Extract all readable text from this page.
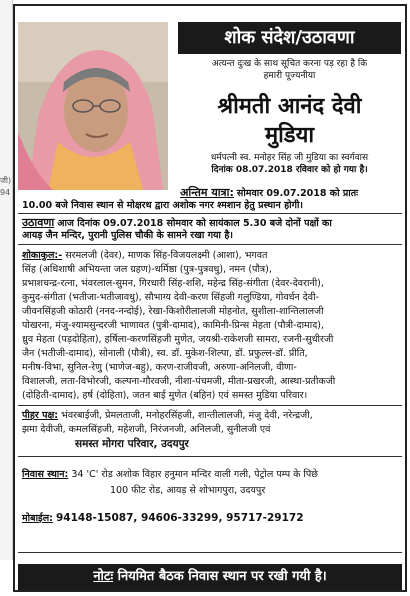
जी)
94
शोक संदेश/उठावणा
अत्यन्त दुःख के साथ सूचित करना पड़ रहा है कि
हमारी पूज्यनीया
श्रीमती आनंद देवी
मुडिया
धर्मपत्नी स्व. मनोहर सिंह जी मुडिया का स्वर्गवास
दिनांक 08.07.2018 रविवार को हो गया है।
अन्तिम यात्रा: सोमवार 09.07.2018 को प्रातः
10.00 बजे निवास स्थान से मोक्षरथ द्वारा अशोक नगर श्मशान हेतु प्रस्थान होगी।
उठावणा आज दिनांक 09.07.2018 सोमवार को सायंकाल 5.30 बजे दोनों पक्षों का
आयड़ जैन मन्दिर, पुरानी पुलिस चौकी के सामने रखा गया है।
शोकाकुल:- सरमलजी (देवर), माणक सिंह-विजयलक्ष्मी (आशा), भगवत
सिंह (अधिशाषी अभियन्ता जल ग्रहण)-धर्मिष्ठा (पुत्र-पुत्रवधु), नमन (पौत्र),
प्रभाशचन्द्र-रत्ना, भंवरलाल-सुमन, गिरधारी सिंह-शशि, महेन्द्र सिंह-संगीता (देवर-देवरानी),
कुमुद-संगीता (भतीजा-भतीजावधु), सौभाग्य देवी-करण सिंहजी गलुण्डिया, गोवर्धन देवी-
जीवनसिंहजी कोठारी (ननद-नन्दोई), रेखा-किशोरीलालजी मोहनोत, सुशीला-शान्तिलालजी
पोखरना, मंजु-श्यामसुन्दरजी भाणावत (पुत्री-दामाद), कामिनी-प्रिन्स मेहता (पौत्री-दामाद),
ध्रुव मेहता (पड़दोहिता), हर्षिला-करणसिंहजी मुणेत, जयश्री-राकेशजी सामरा, रजनी-सुधीरजी
जैन (भतीजी-दामाद), सोनाली (पौत्री), स्व. डॉ. मुकेश-शिल्पा, डॉ. प्रफुल्ल-डॉ. प्रीति,
मनीष-विभा, सुनिल-रेणु (भाणेज-बहु), करण-राजीवजी, अरुणा-अनिलजी, वीणा-
विशालजी, लता-विभोरजी, कल्पना-गौरवजी, नीशा-पंचमजी, मीता-प्रखरजी, आस्था-प्रतीकजी
(दोहिती-दामाद), हर्ष (दोहिता), जतन बाई मुणेत (बहिन) एवं समस्त मुडिया परिवार।
पीहर पक्ष: भंवरबाईजी, प्रेमलताजी, मनोहरसिंहजी, शान्तीलालजी, मंजु देवी, नरेन्द्रजी,
झमा देवीजी, कमलसिंहजी, महेशजी, निरंजनजी, अनिलजी, सुनीलजी एवं
समस्त मोगरा परिवार, उदयपुर
निवास स्थान: 34 'C' रोड अशोक विहार हनुमान मन्दिर वाली गली, पेट्रोल पम्प के पिछे
100 फीट रोड, आयड़ से शोभागपुरा, उदयपुर
मोबाईल: 94148-15087, 94606-33299, 95717-29172
नोटः नियमित बैठक निवास स्थान पर रखी गयी है।
